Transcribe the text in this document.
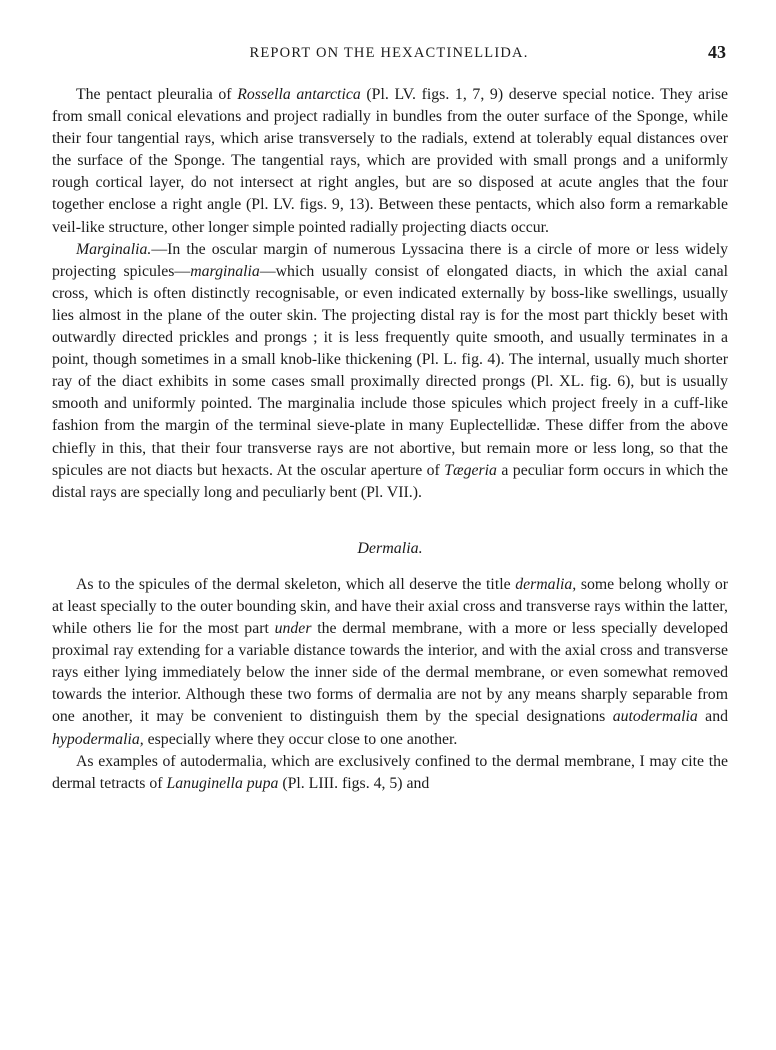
REPORT ON THE HEXACTINELLIDA.	43

The pentact pleuralia of Rossella antarctica (Pl. LV. figs. 1, 7, 9) deserve special notice. They arise from small conical elevations and project radially in bundles from the outer surface of the Sponge, while their four tangential rays, which arise transversely to the radials, extend at tolerably equal distances over the surface of the Sponge. The tangential rays, which are provided with small prongs and a uniformly rough cortical layer, do not intersect at right angles, but are so disposed at acute angles that the four together enclose a right angle (Pl. LV. figs. 9, 13). Between these pentacts, which also form a remarkable veil-like structure, other longer simple pointed radially projecting diacts occur.

Marginalia.—In the oscular margin of numerous Lyssacina there is a circle of more or less widely projecting spicules—marginalia—which usually consist of elongated diacts, in which the axial canal cross, which is often distinctly recognisable, or even indicated externally by boss-like swellings, usually lies almost in the plane of the outer skin. The projecting distal ray is for the most part thickly beset with outwardly directed prickles and prongs ; it is less frequently quite smooth, and usually terminates in a point, though sometimes in a small knob-like thickening (Pl. L. fig. 4). The internal, usually much shorter ray of the diact exhibits in some cases small proximally directed prongs (Pl. XL. fig. 6), but is usually smooth and uniformly pointed. The marginalia include those spicules which project freely in a cuff-like fashion from the margin of the terminal sieve-plate in many Euplectellidæ. These differ from the above chiefly in this, that their four transverse rays are not abortive, but remain more or less long, so that the spicules are not diacts but hexacts. At the oscular aperture of Tægeria a peculiar form occurs in which the distal rays are specially long and peculiarly bent (Pl. VII.).

Dermalia.

As to the spicules of the dermal skeleton, which all deserve the title dermalia, some belong wholly or at least specially to the outer bounding skin, and have their axial cross and transverse rays within the latter, while others lie for the most part under the dermal membrane, with a more or less specially developed proximal ray extending for a variable distance towards the interior, and with the axial cross and transverse rays either lying immediately below the inner side of the dermal membrane, or even somewhat removed towards the interior. Although these two forms of dermalia are not by any means sharply separable from one another, it may be convenient to distinguish them by the special designations autodermalia and hypodermalia, especially where they occur close to one another.

As examples of autodermalia, which are exclusively confined to the dermal membrane, I may cite the dermal tetracts of Lanuginella pupa (Pl. LIII. figs. 4, 5) and
